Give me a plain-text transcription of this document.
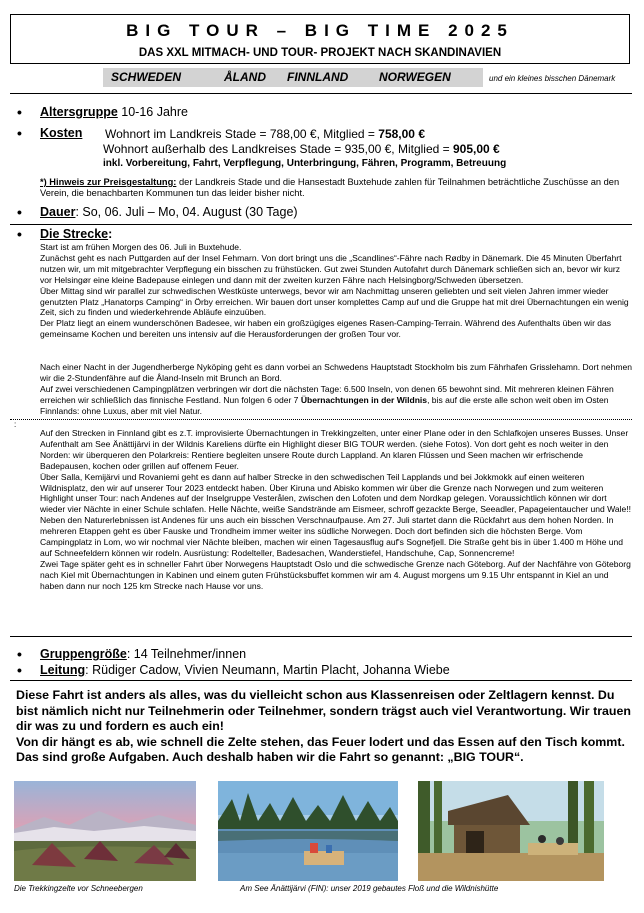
BIG TOUR – BIG TIME 2025
DAS XXL MITMACH- UND TOUR- PROJEKT NACH SKANDINAVIEN
SCHWEDEN	ÅLAND FINNLAND	NORWEGEN	und ein kleines bisschen Dänemark
• Altersgruppe 10-16 Jahre
• Kosten Wohnort im Landkreis Stade = 788,00 €, Mitglied = 758,00 €
Wohnort außerhalb des Landkreises Stade = 935,00 €, Mitglied = 905,00 €
inkl. Vorbereitung, Fahrt, Verpflegung, Unterbringung, Fähren, Programm, Betreuung
*) Hinweis zur Preisgestaltung: der Landkreis Stade und die Hansestadt Buxtehude zahlen für Teilnahmen beträchtliche Zuschüsse an den Verein, die benachbarten Kommunen tun das leider bisher nicht.
• Dauer: So, 06. Juli – Mo, 04. August (30 Tage)
• Die Strecke:

Start ist am frühen Morgen des 06. Juli in Buxtehude.

Zunächst geht es nach Puttgarden auf der Insel Fehmarn. Von dort bringt uns die „Scandlines“-Fähre nach Rødby in Dänemark. Die 45 Minuten Überfahrt nutzen wir, um mit mitgebrachter Verpflegung ein bisschen zu frühstücken. Gut zwei Stunden Autofahrt durch Dänemark schließen sich an, bevor wir kurz vor Helsingør eine kleine Badepause einlegen und dann mit der zweiten kurzen Fähre nach Helsingborg/Schweden übersetzen.

Über Mittag sind wir parallel zur schwedischen Westküste unterwegs, bevor wir am Nachmittag unseren geliebten und seit vielen Jahren immer wieder genutzten Platz „Hanatorps Camping“ in Örby erreichen. Wir bauen dort unser komplettes Camp auf und die Gruppe hat mit drei Übernachtungen ein wenig Zeit, sich zu finden und wiederkehrende Abläufe einzuüben.

Der Platz liegt an einem wunderschönen Badesee, wir haben ein großzügiges eigenes Rasen-Camping-Terrain. Während des Aufenthalts üben wir das gemeinsame Kochen und bereiten uns intensiv auf die Herausforderungen der großen Tour vor.

Nach einer Nacht in der Jugendherberge Nyköping geht es dann vorbei an Schwedens Hauptstadt Stockholm bis zum Fährhafen Grisslehamn. Dort nehmen wir die 2-Stundenfähre auf die Åland-Inseln mit Brunch an Bord.

Auf zwei verschiedenen Campingplätzen verbringen wir dort die nächsten Tage: 6.500 Inseln, von denen 65 bewohnt sind. Mit mehreren kleinen Fähren erreichen wir schließlich das finnische Festland. Nun folgen 6 oder 7 Übernachtungen in der Wildnis, bis auf die erste alle schon weit oben im Osten Finnlands: ohne Luxus, aber mit viel Natur.

:
Auf den Strecken in Finnland gibt es z.T. improvisierte Übernachtungen in Trekkingzelten, unter einer Plane oder in den Schlafkojen unseres Busses. Unser Aufenthalt am See Änättijärvi in der Wildnis Kareliens dürfte ein Highlight dieser BIG TOUR werden. (siehe Fotos). Von dort geht es noch weiter in den Norden: wir überqueren den Polarkreis: Rentiere begleiten unsere Route durch Lappland. An klaren Flüssen und Seen machen wir erfrischende Badepausen, kochen oder grillen auf offenem Feuer.
Über Salla, Kemijärvi und Rovaniemi geht es dann auf halber Strecke in den schwedischen Teil Lapplands und bei Jokkmokk auf einen weiteren Wildnisplatz, den wir auf unserer Tour 2023 entdeckt haben. Über Kiruna und Abisko kommen wir über die Grenze nach Norwegen und zum weiteren Highlight unser Tour: nach Andenes auf der Inselgruppe Vesterålen, zwischen den Lofoten und dem Nordkap gelegen. Voraussichtlich können wir dort wieder vier Nächte in einer Schule schlafen. Helle Nächte, weiße Sandstrände am Eismeer, schroff gezackte Berge, Seeadler, Papageientaucher und Wale!! Neben den Naturerlebnissen ist Andenes für uns auch ein bisschen Verschnaufpause. Am 27. Juli startet dann die Rückfahrt aus dem hohen Norden. In mehreren Etappen geht es über Fauske und Trondheim immer weiter ins südliche Norwegen. Doch dort befinden sich die höchsten Berge. Vom Campingplatz in Lom, wo wir nochmal vier Nächte bleiben, machen wir einen Tagesausflug auf's Sognefjell. Die Straße geht bis in über 1.400 m Höhe und auf Schneefeldern können wir rodeln. Ausrüstung: Rodelteller, Badesachen, Wanderstiefel, Handschuhe, Cap, Sonnencreme!
Zwei Tage später geht es in schneller Fahrt über Norwegens Hauptstadt Oslo und die schwedische Grenze nach Göteborg. Auf der Nachfähre von Göteborg nach Kiel mit Übernachtungen in Kabinen und einem guten Frühstücksbuffet kommen wir am 4. August morgens um 9.15 Uhr entspannt in Kiel an und haben dann nur noch 125 km Strecke nach Hause vor uns.
• Gruppengröße: 14 Teilnehmer/innen
• Leitung: Rüdiger Cadow, Vivien Neumann, Martin Placht, Johanna Wiebe
Diese Fahrt ist anders als alles, was du vielleicht schon aus Klassenreisen oder Zeltlagern kennst. Du bist nämlich nicht nur Teilnehmerin oder Teilnehmer, sondern trägst auch viel Verantwortung. Wir trauen dir was zu und fordern es auch ein!
Von dir hängt es ab, wie schnell die Zelte stehen, das Feuer lodert und das Essen auf den Tisch kommt. Das sind große Aufgaben. Auch deshalb haben wir die Fahrt so genannt: „BIG TOUR“.
Die Trekkingzelte vor Schneebergen	Am See Änättijärvi (FIN): unser 2019 gebautes Floß und die Wildnishütte
